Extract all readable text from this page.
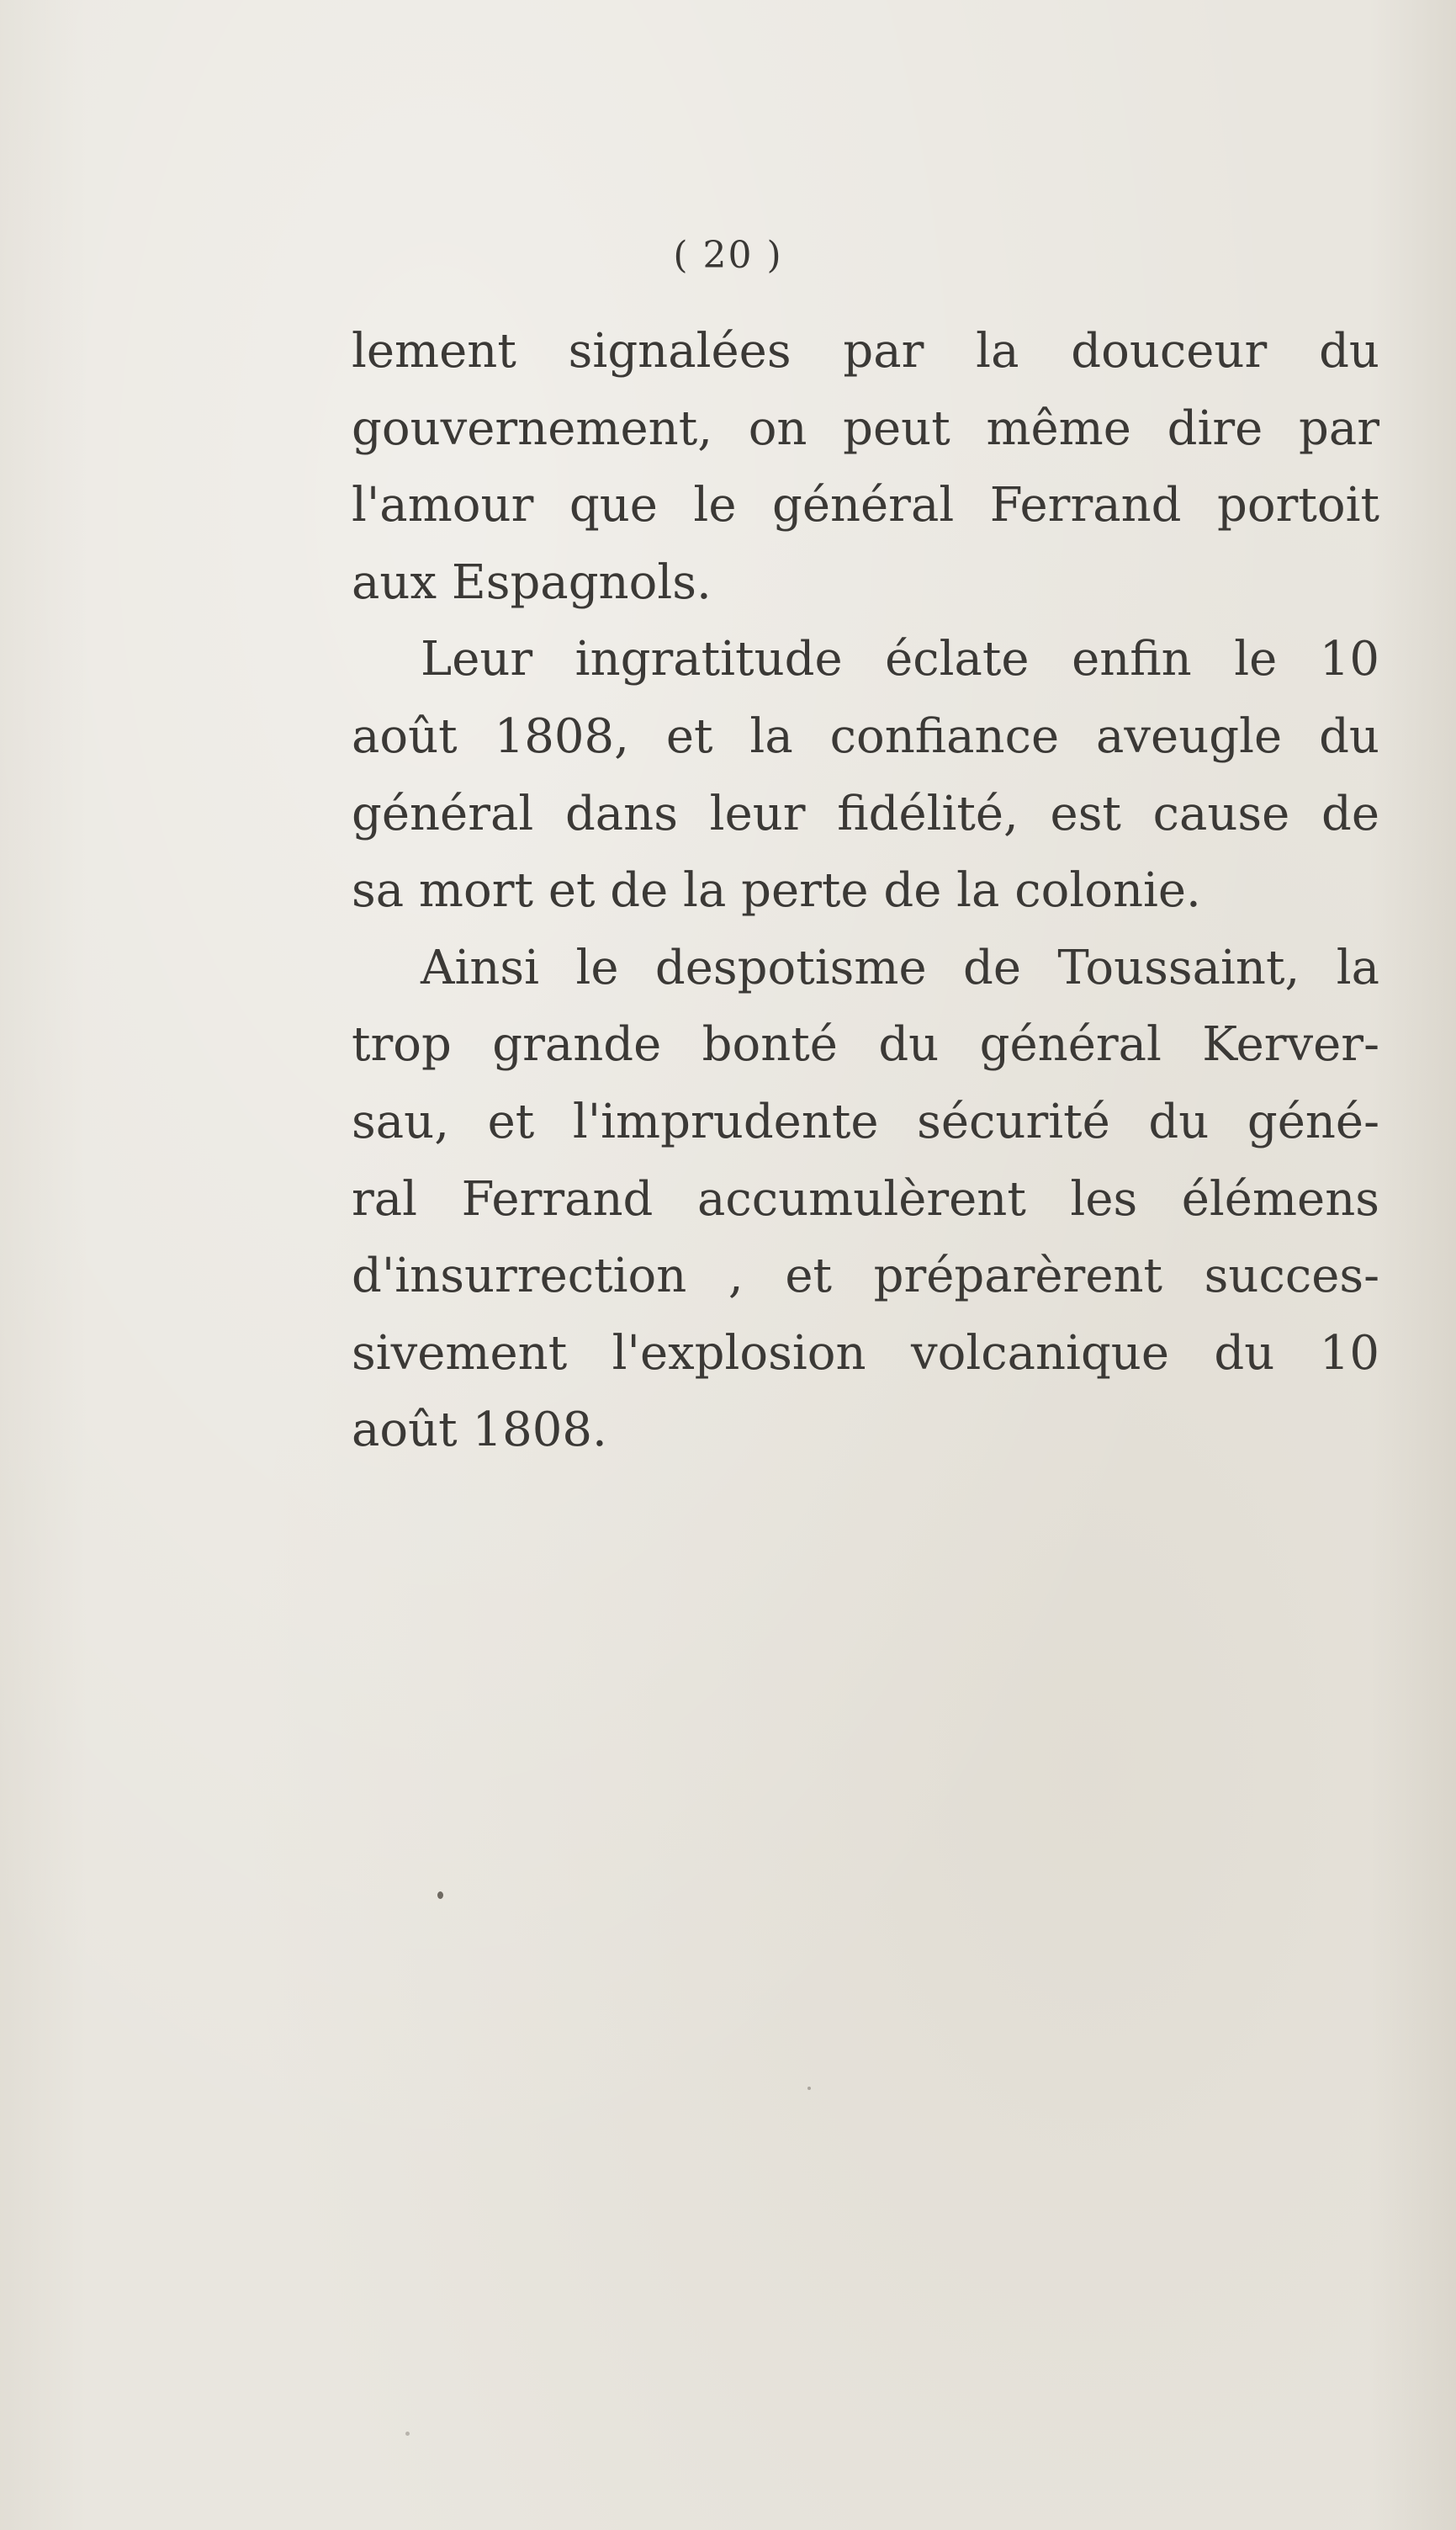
( 20 )
lement signalées par la douceur du
gouvernement, on peut même dire par
l'amour que le général Ferrand portoit
aux Espagnols.
Leur ingratitude éclate enfin le 10
août 1808, et la confiance aveugle du
général dans leur fidélité, est cause de
sa mort et de la perte de la colonie.
Ainsi le despotisme de Toussaint, la
trop grande bonté du général Kerver-
sau, et l'imprudente sécurité du géné-
ral Ferrand accumulèrent les élémens
d'insurrection , et préparèrent succes-
sivement l'explosion volcanique du 10
août 1808.
